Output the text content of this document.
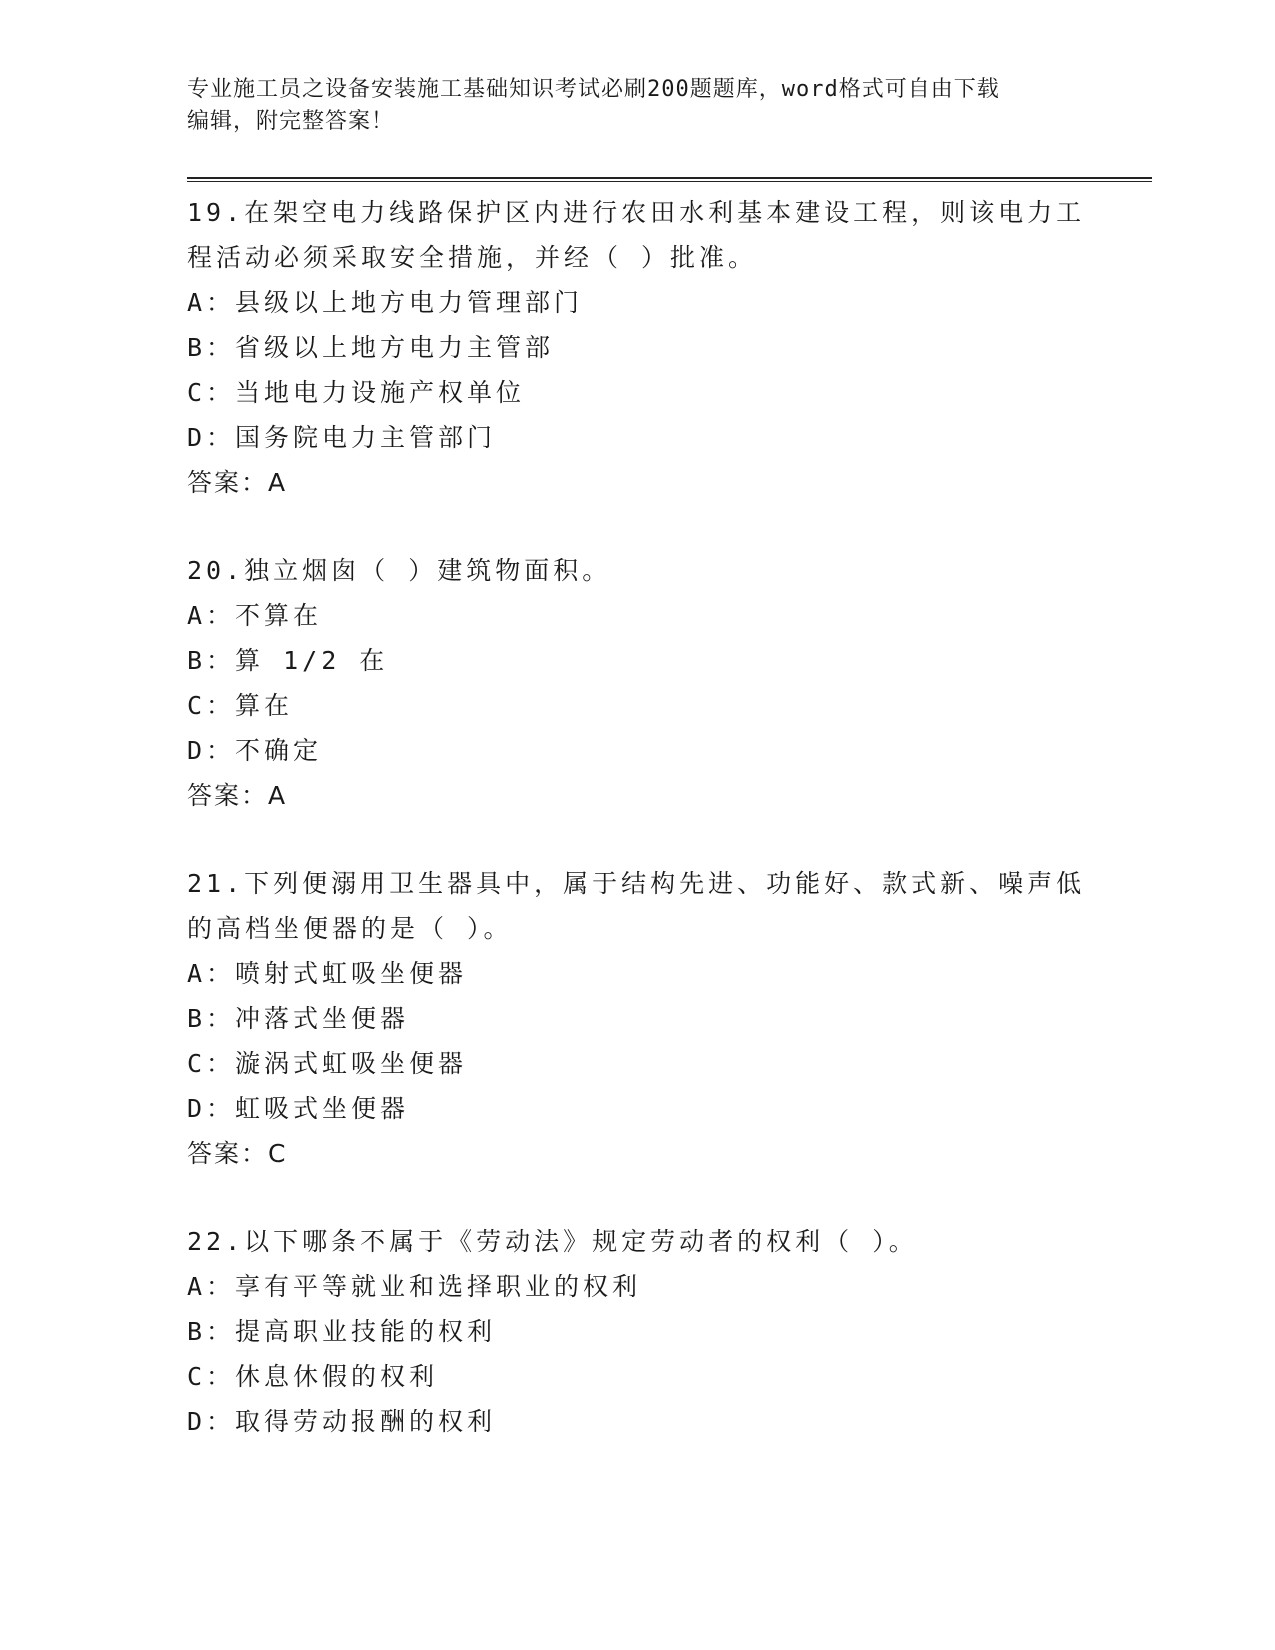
专业施工员之设备安装施工基础知识考试必刷200题题库，word格式可自由下载
编辑，附完整答案！

19.在架空电力线路保护区内进行农田水利基本建设工程，则该电力工

程活动必须采取安全措施，并经（ ）批准。

A：县级以上地方电力管理部门

B：省级以上地方电力主管部

C：当地电力设施产权单位

D：国务院电力主管部门

答案：A

20.独立烟囱（ ）建筑物面积。

A：不算在

B：算 1/2 在

C：算在

D：不确定

答案：A

21.下列便溺用卫生器具中，属于结构先进、功能好、款式新、噪声低

的高档坐便器的是（ ）。

A：喷射式虹吸坐便器

B：冲落式坐便器

C：漩涡式虹吸坐便器

D：虹吸式坐便器

答案：C

22.以下哪条不属于《劳动法》规定劳动者的权利（ ）。

A：享有平等就业和选择职业的权利

B：提高职业技能的权利

C：休息休假的权利

D：取得劳动报酬的权利
